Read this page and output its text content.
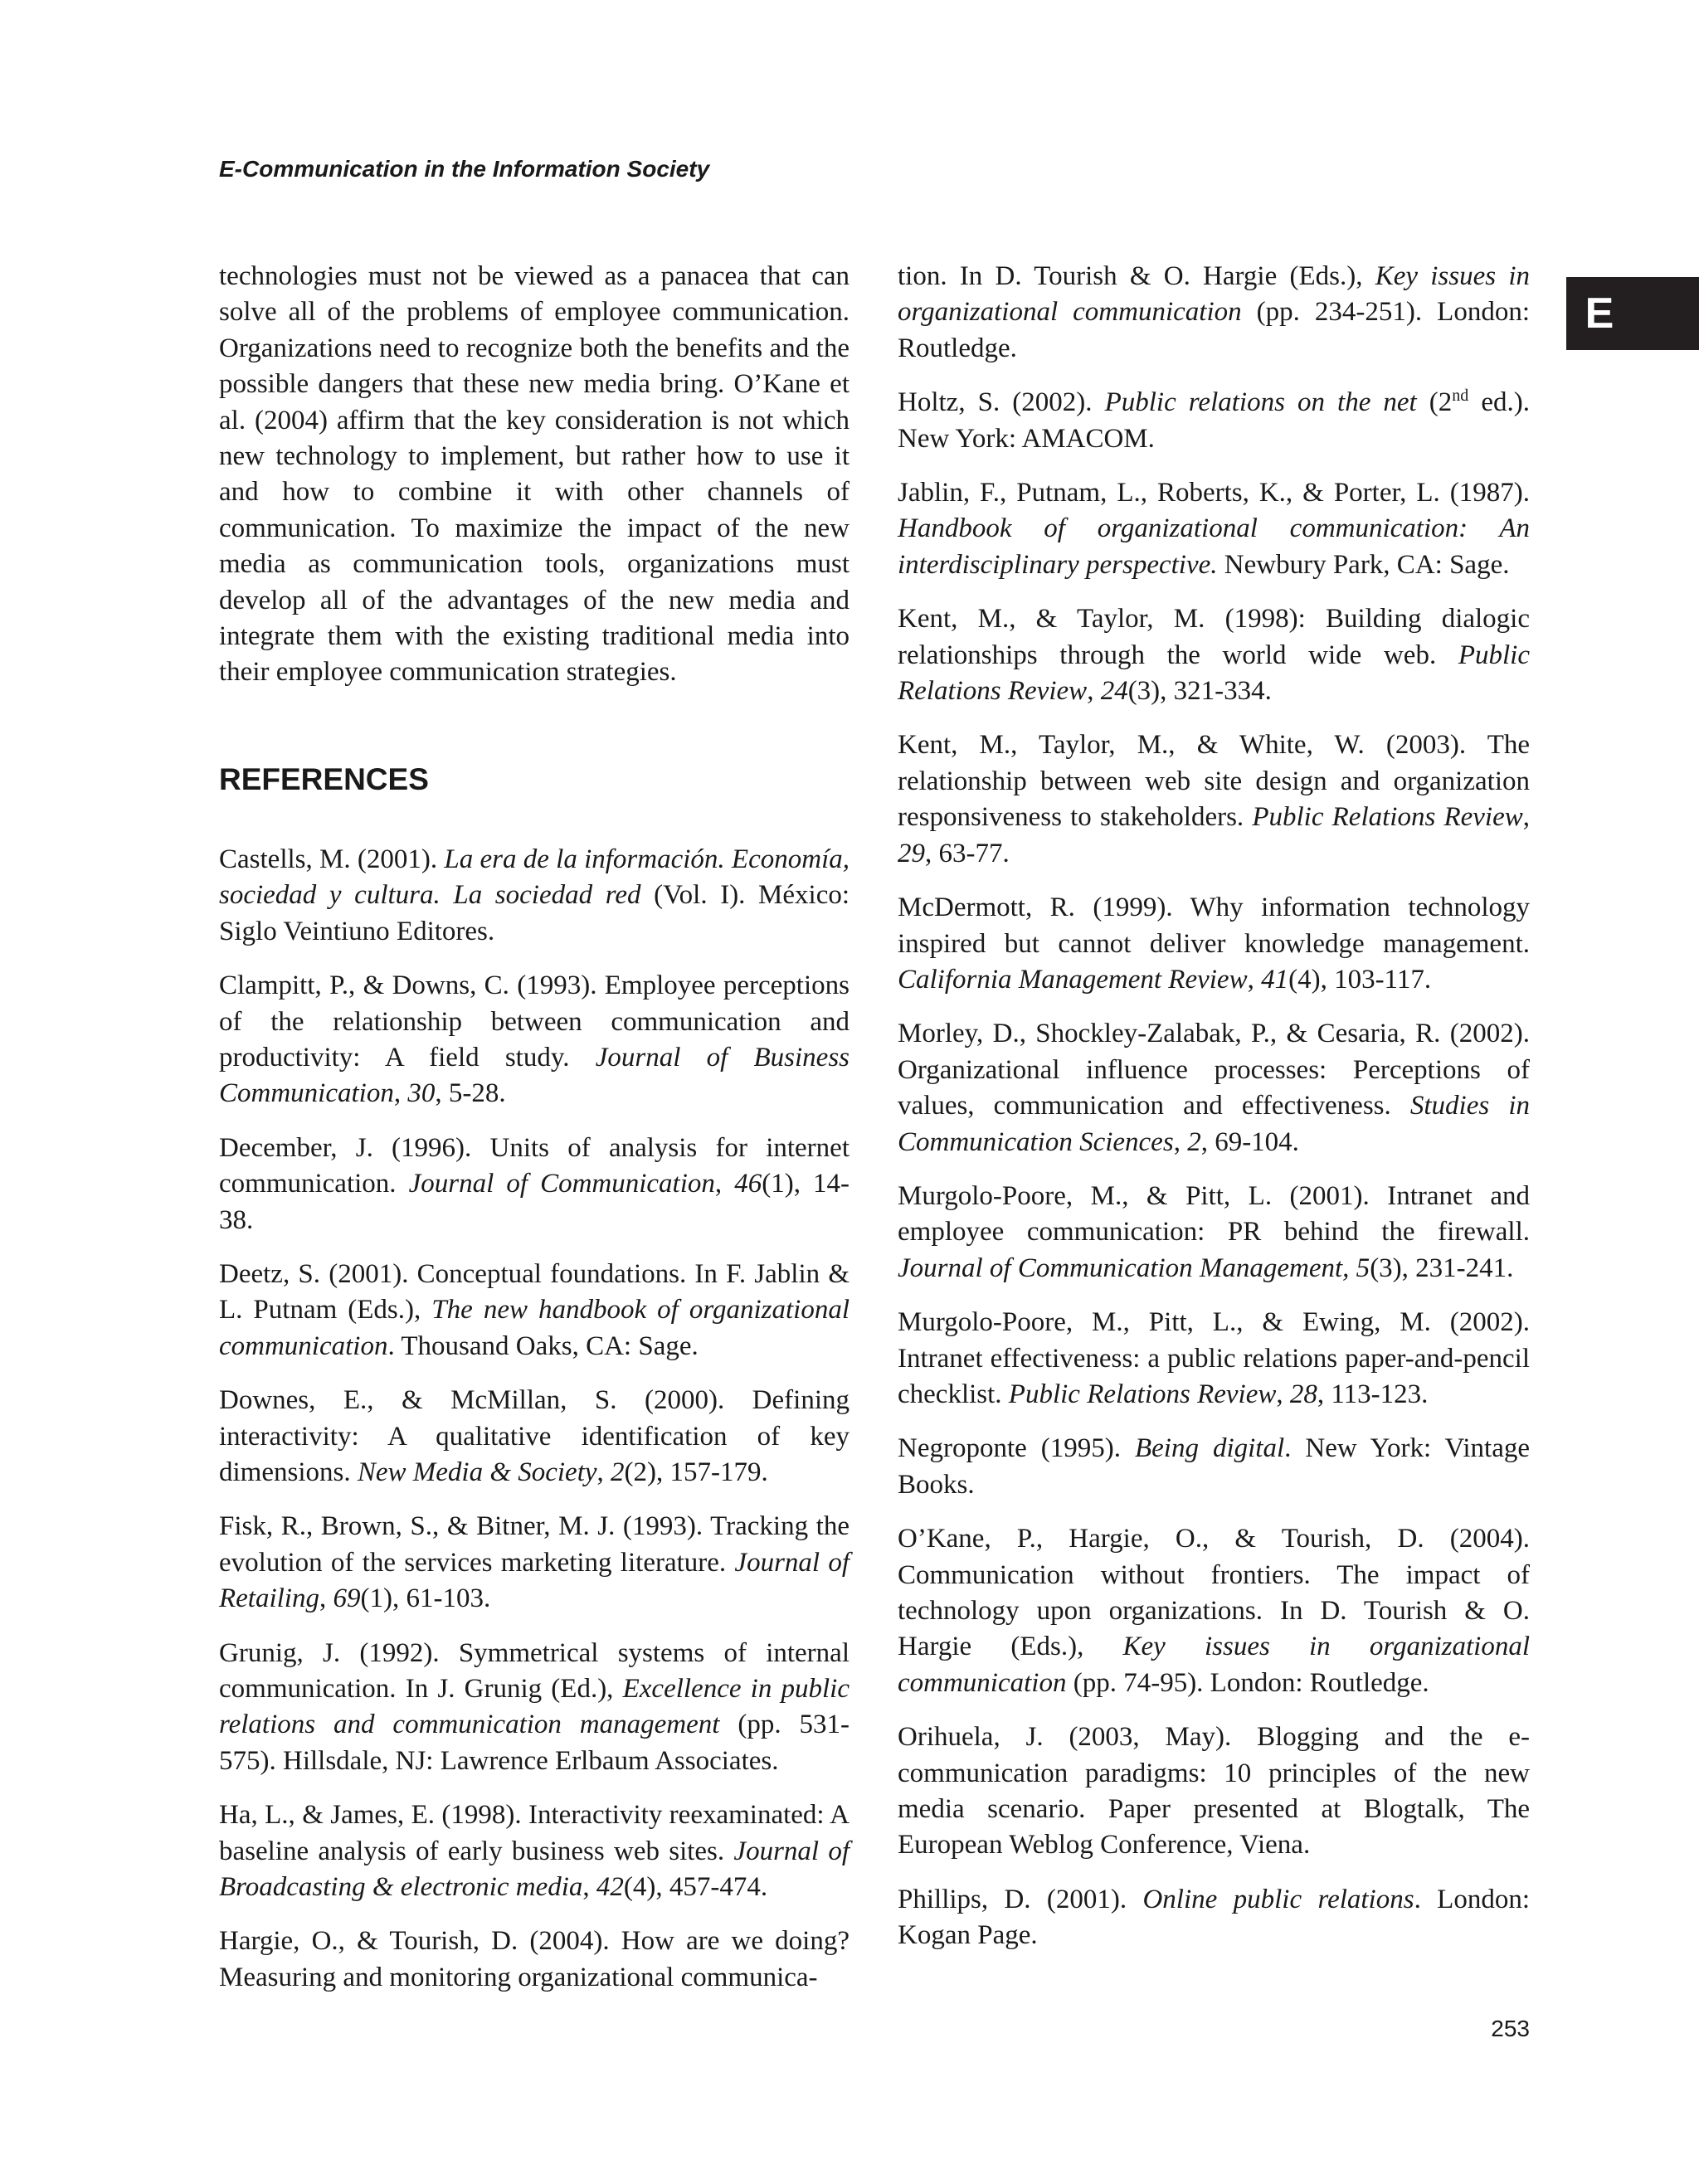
E-Communication in the Information Society

E

technologies must not be viewed as a panacea that can solve all of the problems of employee communication. Organizations need to recognize both the benefits and the possible dangers that these new media bring. O’Kane et al. (2004) affirm that the key consideration is not which new technology to implement, but rather how to use it and how to combine it with other channels of communication. To maximize the impact of the new media as communication tools, organizations must develop all of the advantages of the new media and integrate them with the existing traditional media into their employee communication strategies.

REFERENCES

Castells, M. (2001). La era de la información. Economía, sociedad y cultura. La sociedad red (Vol. I). México: Siglo Veintiuno Editores.

Clampitt, P., & Downs, C. (1993). Employee perceptions of the relationship between communication and productivity: A field study. Journal of Business Communication, 30, 5-28.

December, J. (1996). Units of analysis for internet communication. Journal of Communication, 46(1), 14-38.

Deetz, S. (2001). Conceptual foundations. In F. Jablin & L. Putnam (Eds.), The new handbook of organizational communication. Thousand Oaks, CA: Sage.

Downes, E., & McMillan, S. (2000). Defining interactivity: A qualitative identification of key dimensions. New Media & Society, 2(2), 157-179.

Fisk, R., Brown, S., & Bitner, M. J. (1993). Tracking the evolution of the services marketing literature. Journal of Retailing, 69(1), 61-103.

Grunig, J. (1992). Symmetrical systems of internal communication. In J. Grunig (Ed.), Excellence in public relations and communication management (pp. 531-575). Hillsdale, NJ: Lawrence Erlbaum Associates.

Ha, L., & James, E. (1998). Interactivity reexaminated: A baseline analysis of early business web sites. Journal of Broadcasting & electronic media, 42(4), 457-474.

Hargie, O., & Tourish, D. (2004). How are we doing? Measuring and monitoring organizational communica-

tion. In D. Tourish & O. Hargie (Eds.), Key issues in organizational communication (pp. 234-251). London: Routledge.

Holtz, S. (2002). Public relations on the net (2nd ed.). New York: AMACOM.

Jablin, F., Putnam, L., Roberts, K., & Porter, L. (1987). Handbook of organizational communication: An interdisciplinary perspective. Newbury Park, CA: Sage.

Kent, M., & Taylor, M. (1998): Building dialogic relationships through the world wide web. Public Relations Review, 24(3), 321-334.

Kent, M., Taylor, M., & White, W. (2003). The relationship between web site design and organization responsiveness to stakeholders. Public Relations Review, 29, 63-77.

McDermott, R. (1999). Why information technology inspired but cannot deliver knowledge management. California Management Review, 41(4), 103-117.

Morley, D., Shockley-Zalabak, P., & Cesaria, R. (2002). Organizational influence processes: Perceptions of values, communication and effectiveness. Studies in Communication Sciences, 2, 69-104.

Murgolo-Poore, M., & Pitt, L. (2001). Intranet and employee communication: PR behind the firewall. Journal of Communication Management, 5(3), 231-241.

Murgolo-Poore, M., Pitt, L., & Ewing, M. (2002). Intranet effectiveness: a public relations paper-and-pencil checklist. Public Relations Review, 28, 113-123.

Negroponte (1995). Being digital. New York: Vintage Books.

O’Kane, P., Hargie, O., & Tourish, D. (2004). Communication without frontiers. The impact of technology upon organizations. In D. Tourish & O. Hargie (Eds.), Key issues in organizational communication (pp. 74-95). London: Routledge.

Orihuela, J. (2003, May). Blogging and the e-communication paradigms: 10 principles of the new media scenario. Paper presented at Blogtalk, The European Weblog Conference, Viena.

Phillips, D. (2001). Online public relations. London: Kogan Page.

253
